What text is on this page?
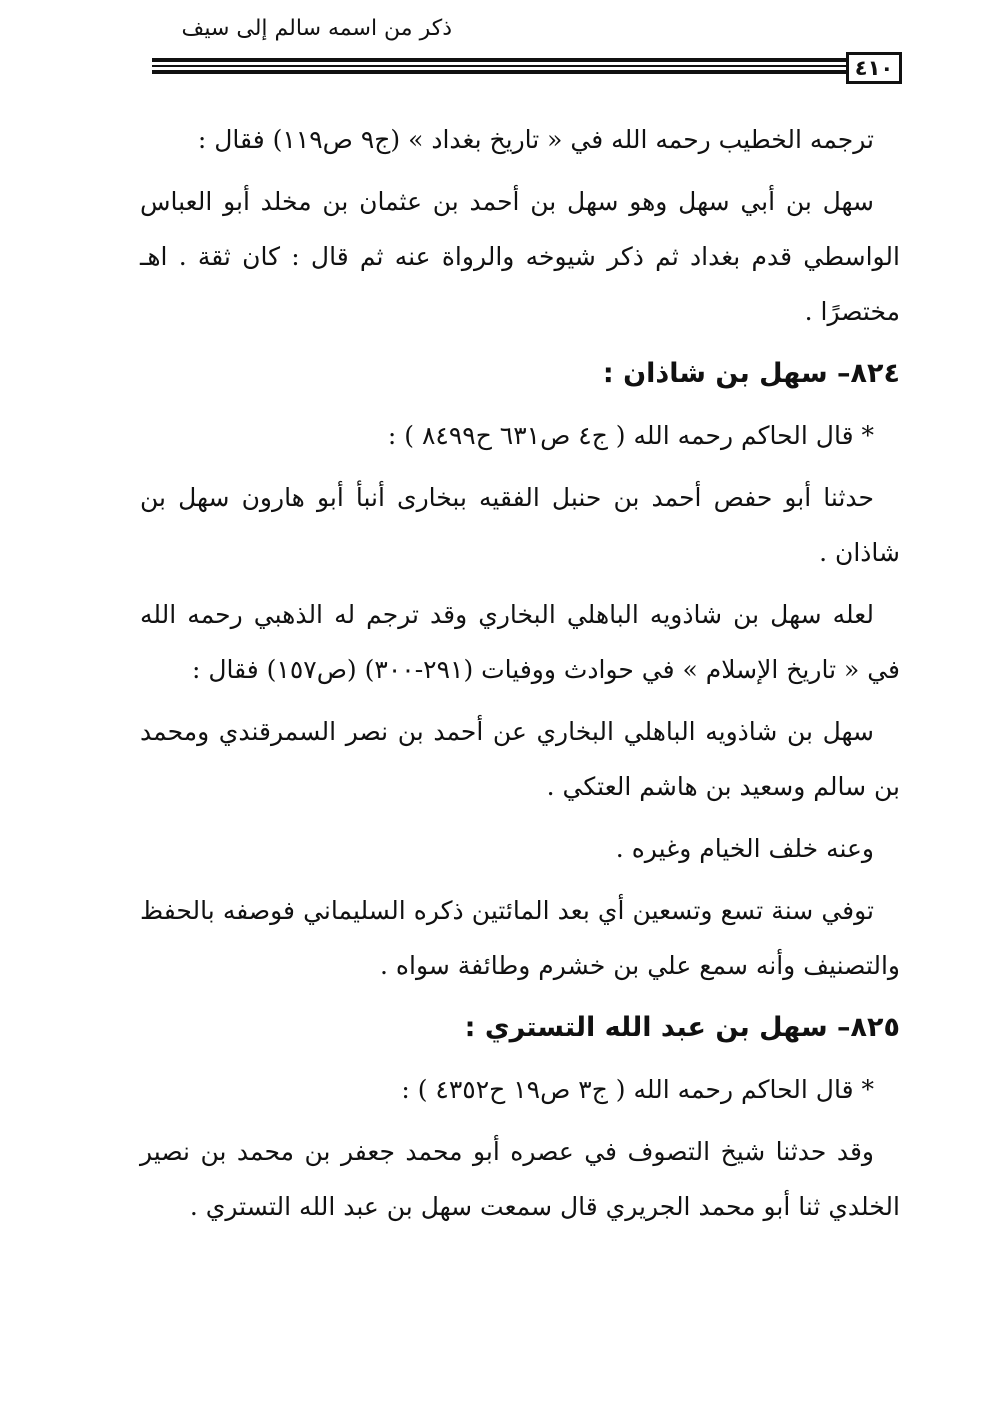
ذكر من اسمه سالم إلى سيف
٤١٠

ترجمه الخطيب رحمه الله في « تاريخ بغداد » (ج٩ ص١١٩) فقال :

سهل بن أبي سهل وهو سهل بن أحمد بن عثمان بن مخلد أبو العباس الواسطي قدم بغداد ثم ذكر شيوخه والرواة عنه ثم قال : كان ثقة . اهـ مختصرًا .

٨٢٤– سهل بن شاذان :

* قال الحاكم رحمه الله ( ج٤ ص٦٣١ ح٨٤٩٩ ) :

حدثنا أبو حفص أحمد بن حنبل الفقيه ببخارى أنبأ أبو هارون سهل بن شاذان .

لعله سهل بن شاذويه الباهلي البخاري وقد ترجم له الذهبي رحمه الله في « تاريخ الإسلام » في حوادث ووفيات (٢٩١-٣٠٠) (ص١٥٧) فقال :

سهل بن شاذويه الباهلي البخاري عن أحمد بن نصر السمرقندي ومحمد بن سالم وسعيد بن هاشم العتكي .

وعنه خلف الخيام وغيره .

توفي سنة تسع وتسعين أي بعد المائتين ذكره السليماني فوصفه بالحفظ والتصنيف وأنه سمع علي بن خشرم وطائفة سواه .

٨٢٥– سهل بن عبد الله التستري :

* قال الحاكم رحمه الله ( ج٣ ص١٩ ح٤٣٥٢ ) :

وقد حدثنا شيخ التصوف في عصره أبو محمد جعفر بن محمد بن نصير الخلدي ثنا أبو محمد الجريري قال سمعت سهل بن عبد الله التستري .
